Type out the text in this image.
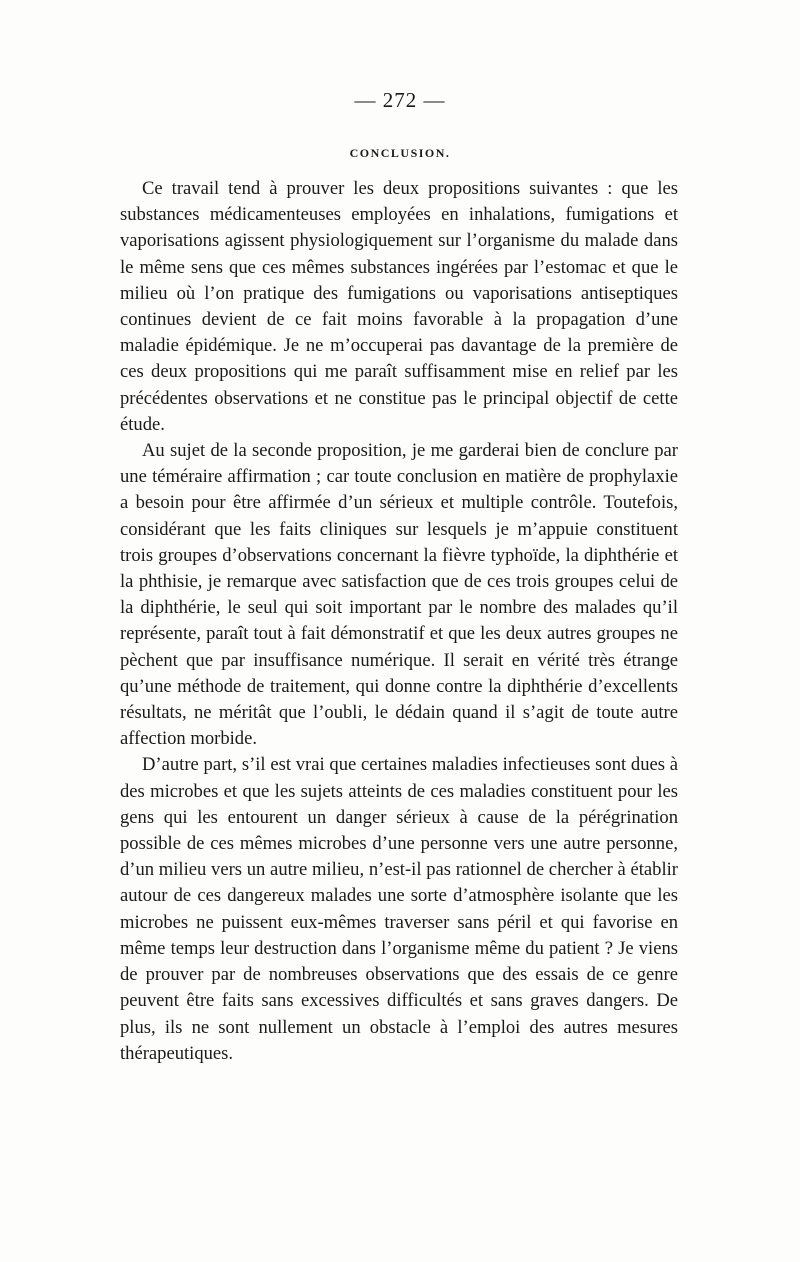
— 272 —
CONCLUSION.

Ce travail tend à prouver les deux propositions suivantes : que les substances médicamenteuses employées en inhalations, fumigations et vaporisations agissent physiologiquement sur l’organisme du malade dans le même sens que ces mêmes substances ingérées par l’estomac et que le milieu où l’on pratique des fumigations ou vaporisations antiseptiques continues devient de ce fait moins favorable à la propagation d’une maladie épidémique. Je ne m’occuperai pas davantage de la première de ces deux propositions qui me paraît suffisamment mise en relief par les précédentes observations et ne constitue pas le principal objectif de cette étude.

Au sujet de la seconde proposition, je me garderai bien de conclure par une téméraire affirmation ; car toute conclusion en matière de prophylaxie a besoin pour être affirmée d’un sérieux et multiple contrôle. Toutefois, considérant que les faits cliniques sur lesquels je m’appuie constituent trois groupes d’observations concernant la fièvre typhoïde, la diphthérie et la phthisie, je remarque avec satisfaction que de ces trois groupes celui de la diphthérie, le seul qui soit important par le nombre des malades qu’il représente, paraît tout à fait démonstratif et que les deux autres groupes ne pèchent que par insuffisance numérique. Il serait en vérité très étrange qu’une méthode de traitement, qui donne contre la diphthérie d’excellents résultats, ne méritât que l’oubli, le dédain quand il s’agit de toute autre affection morbide.

D’autre part, s’il est vrai que certaines maladies infectieuses sont dues à des microbes et que les sujets atteints de ces maladies constituent pour les gens qui les entourent un danger sérieux à cause de la pérégrination possible de ces mêmes microbes d’une personne vers une autre personne, d’un milieu vers un autre milieu, n’est-il pas rationnel de chercher à établir autour de ces dangereux malades une sorte d’atmosphère isolante que les microbes ne puissent eux-mêmes traverser sans péril et qui favorise en même temps leur destruction dans l’organisme même du patient ? Je viens de prouver par de nombreuses observations que des essais de ce genre peuvent être faits sans excessives difficultés et sans graves dangers. De plus, ils ne sont nullement un obstacle à l’emploi des autres mesures thérapeutiques.
